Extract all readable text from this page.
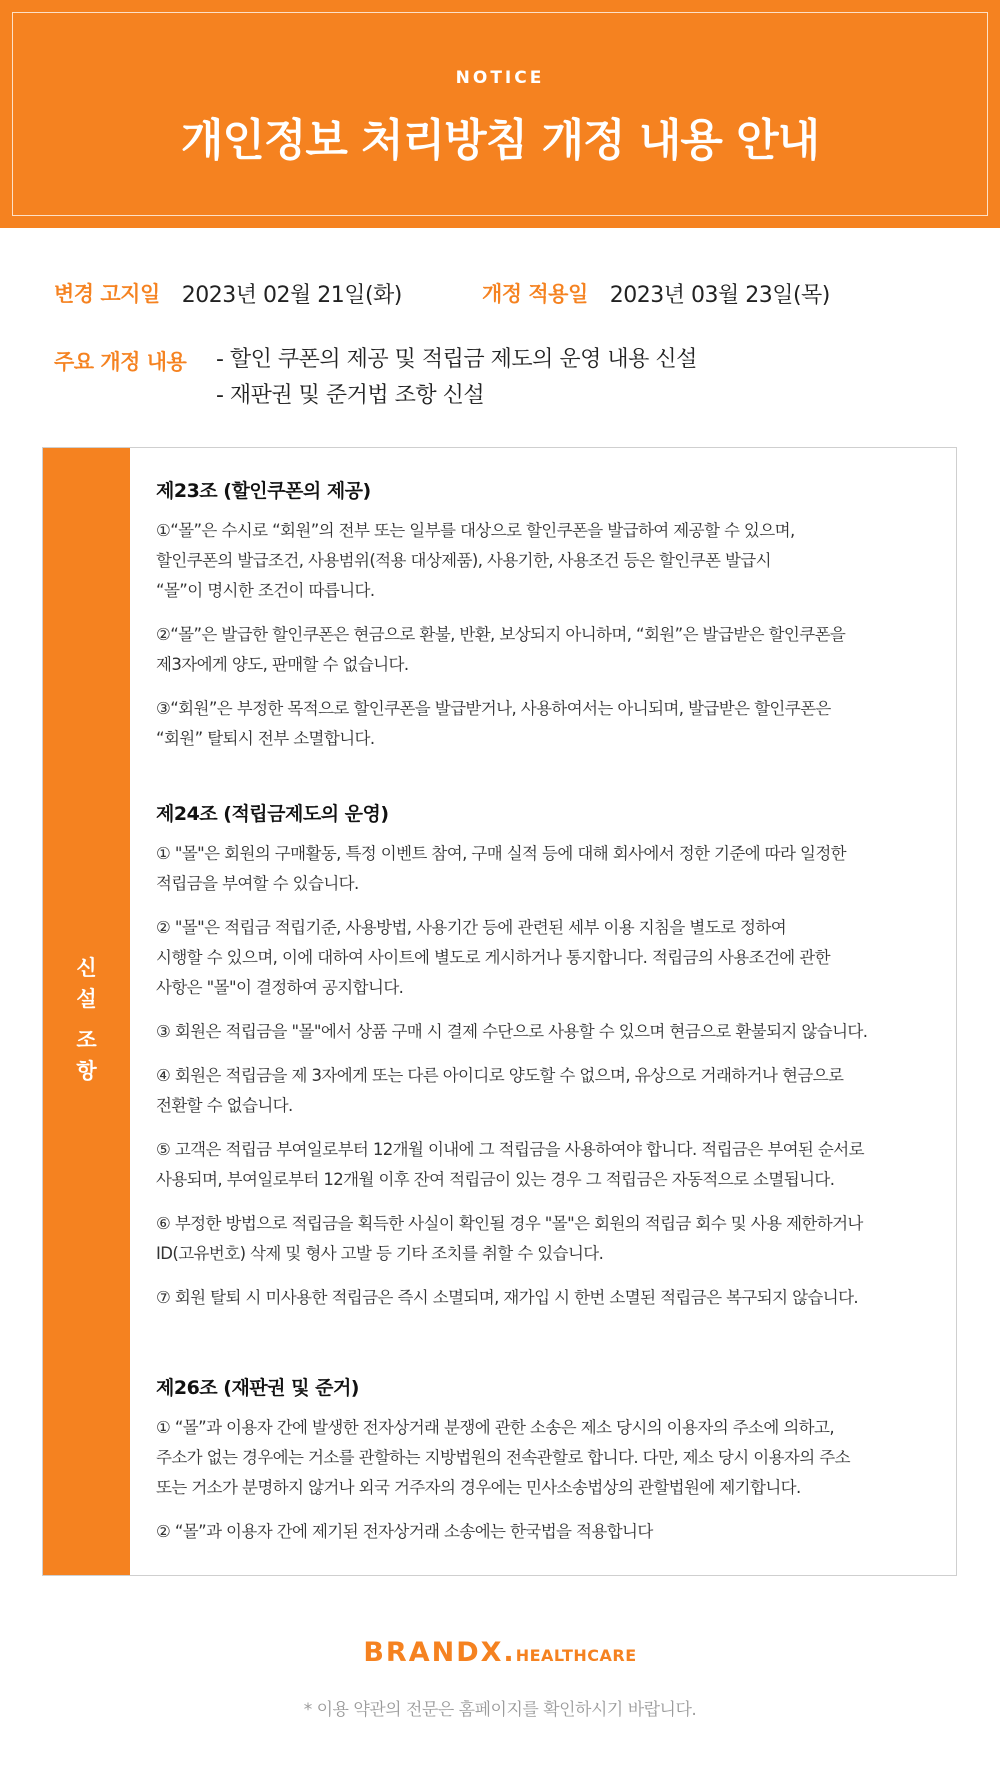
NOTICE
개인정보 처리방침 개정 내용 안내
변경 고지일 2023년 02월 21일(화)	개정 적용일 2023년 03월 23일(목)
주요 개정 내용 - 할인 쿠폰의 제공 및 적립금 제도의 운영 내용 신설
- 재판권 및 준거법 조항 신설
신
설
조
항
제23조 (할인쿠폰의 제공)
①“몰”은 수시로 “회원”의 전부 또는 일부를 대상으로 할인쿠폰을 발급하여 제공할 수 있으며,
할인쿠폰의 발급조건, 사용범위(적용 대상제품), 사용기한, 사용조건 등은 할인쿠폰 발급시
“몰”이 명시한 조건이 따릅니다.
②“몰”은 발급한 할인쿠폰은 현금으로 환불, 반환, 보상되지 아니하며, “회원”은 발급받은 할인쿠폰을
제3자에게 양도, 판매할 수 없습니다.
③“회원”은 부정한 목적으로 할인쿠폰을 발급받거나, 사용하여서는 아니되며, 발급받은 할인쿠폰은
“회원” 탈퇴시 전부 소멸합니다.
제24조 (적립금제도의 운영)
① "몰"은 회원의 구매활동, 특정 이벤트 참여, 구매 실적 등에 대해 회사에서 정한 기준에 따라 일정한
적립금을 부여할 수 있습니다.
② "몰"은 적립금 적립기준, 사용방법, 사용기간 등에 관련된 세부 이용 지침을 별도로 정하여
시행할 수 있으며, 이에 대하여 사이트에 별도로 게시하거나 통지합니다. 적립금의 사용조건에 관한
사항은 "몰"이 결정하여 공지합니다.
③ 회원은 적립금을 "몰"에서 상품 구매 시 결제 수단으로 사용할 수 있으며 현금으로 환불되지 않습니다.
④ 회원은 적립금을 제 3자에게 또는 다른 아이디로 양도할 수 없으며, 유상으로 거래하거나 현금으로
전환할 수 없습니다.
⑤ 고객은 적립금 부여일로부터 12개월 이내에 그 적립금을 사용하여야 합니다. 적립금은 부여된 순서로
사용되며, 부여일로부터 12개월 이후 잔여 적립금이 있는 경우 그 적립금은 자동적으로 소멸됩니다.
⑥ 부정한 방법으로 적립금을 획득한 사실이 확인될 경우 "몰"은 회원의 적립금 회수 및 사용 제한하거나
ID(고유번호) 삭제 및 형사 고발 등 기타 조치를 취할 수 있습니다.
⑦ 회원 탈퇴 시 미사용한 적립금은 즉시 소멸되며, 재가입 시 한번 소멸된 적립금은 복구되지 않습니다.
제26조 (재판권 및 준거)
① “몰”과 이용자 간에 발생한 전자상거래 분쟁에 관한 소송은 제소 당시의 이용자의 주소에 의하고,
주소가 없는 경우에는 거소를 관할하는 지방법원의 전속관할로 합니다. 다만, 제소 당시 이용자의 주소
또는 거소가 분명하지 않거나 외국 거주자의 경우에는 민사소송법상의 관할법원에 제기합니다.
② “몰”과 이용자 간에 제기된 전자상거래 소송에는 한국법을 적용합니다
BRANDX.HEALTHCARE
* 이용 약관의 전문은 홈페이지를 확인하시기 바랍니다.
